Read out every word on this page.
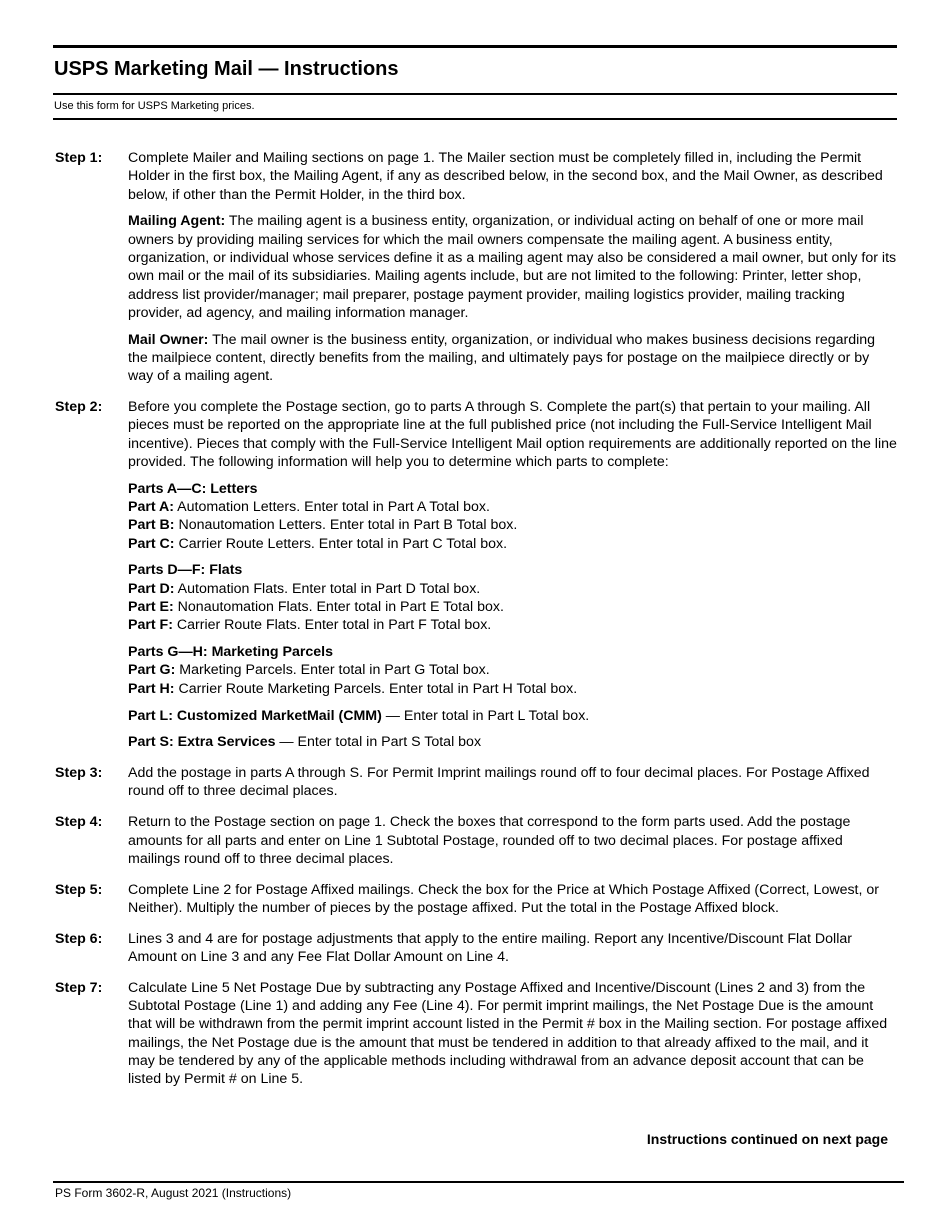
USPS Marketing Mail — Instructions
Use this form for USPS Marketing prices.
Step 1:	Complete Mailer and Mailing sections on page 1. The Mailer section must be completely filled in, including the Permit Holder in the first box, the Mailing Agent, if any as described below, in the second box, and the Mail Owner, as described below, if other than the Permit Holder, in the third box.

Mailing Agent: The mailing agent is a business entity, organization, or individual acting on behalf of one or more mail owners by providing mailing services for which the mail owners compensate the mailing agent. A business entity, organization, or individual whose services define it as a mailing agent may also be considered a mail owner, but only for its own mail or the mail of its subsidiaries. Mailing agents include, but are not limited to the following: Printer, letter shop, address list provider/manager; mail preparer, postage payment provider, mailing logistics provider, mailing tracking provider, ad agency, and mailing information manager.

Mail Owner: The mail owner is the business entity, organization, or individual who makes business decisions regarding the mailpiece content, directly benefits from the mailing, and ultimately pays for postage on the mailpiece directly or by way of a mailing agent.

Step 2:	Before you complete the Postage section, go to parts A through S. Complete the part(s) that pertain to your mailing. All pieces must be reported on the appropriate line at the full published price (not including the Full-Service Intelligent Mail incentive). Pieces that comply with the Full-Service Intelligent Mail option requirements are additionally reported on the line provided. The following information will help you to determine which parts to complete:

Parts A—C: Letters
Part A: Automation Letters. Enter total in Part A Total box.
Part B: Nonautomation Letters. Enter total in Part B Total box.
Part C: Carrier Route Letters. Enter total in Part C Total box.
Parts D—F: Flats
Part D: Automation Flats. Enter total in Part D Total box.
Part E: Nonautomation Flats. Enter total in Part E Total box.
Part F: Carrier Route Flats. Enter total in Part F Total box.
Parts G—H: Marketing Parcels
Part G: Marketing Parcels. Enter total in Part G Total box.
Part H: Carrier Route Marketing Parcels. Enter total in Part H Total box.
Part L: Customized MarketMail (CMM) — Enter total in Part L Total box.
Part S: Extra Services — Enter total in Part S Total box
Step 3:	Add the postage in parts A through S. For Permit Imprint mailings round off to four decimal places. For Postage Affixed round off to three decimal places.
Step 4:	Return to the Postage section on page 1. Check the boxes that correspond to the form parts used. Add the postage amounts for all parts and enter on Line 1 Subtotal Postage, rounded off to two decimal places. For postage affixed mailings round off to three decimal places.
Step 5:	Complete Line 2 for Postage Affixed mailings. Check the box for the Price at Which Postage Affixed (Correct, Lowest, or Neither). Multiply the number of pieces by the postage affixed. Put the total in the Postage Affixed block.
Step 6:	Lines 3 and 4 are for postage adjustments that apply to the entire mailing. Report any Incentive/Discount Flat Dollar Amount on Line 3 and any Fee Flat Dollar Amount on Line 4.
Step 7:	Calculate Line 5 Net Postage Due by subtracting any Postage Affixed and Incentive/Discount (Lines 2 and 3) from the Subtotal Postage (Line 1) and adding any Fee (Line 4). For permit imprint mailings, the Net Postage Due is the amount that will be withdrawn from the permit imprint account listed in the Permit # box in the Mailing section. For postage affixed mailings, the Net Postage due is the amount that must be tendered in addition to that already affixed to the mail, and it may be tendered by any of the applicable methods including withdrawal from an advance deposit account that can be listed by Permit # on Line 5.
Instructions continued on next page
PS Form 3602-R, August 2021 (Instructions)
